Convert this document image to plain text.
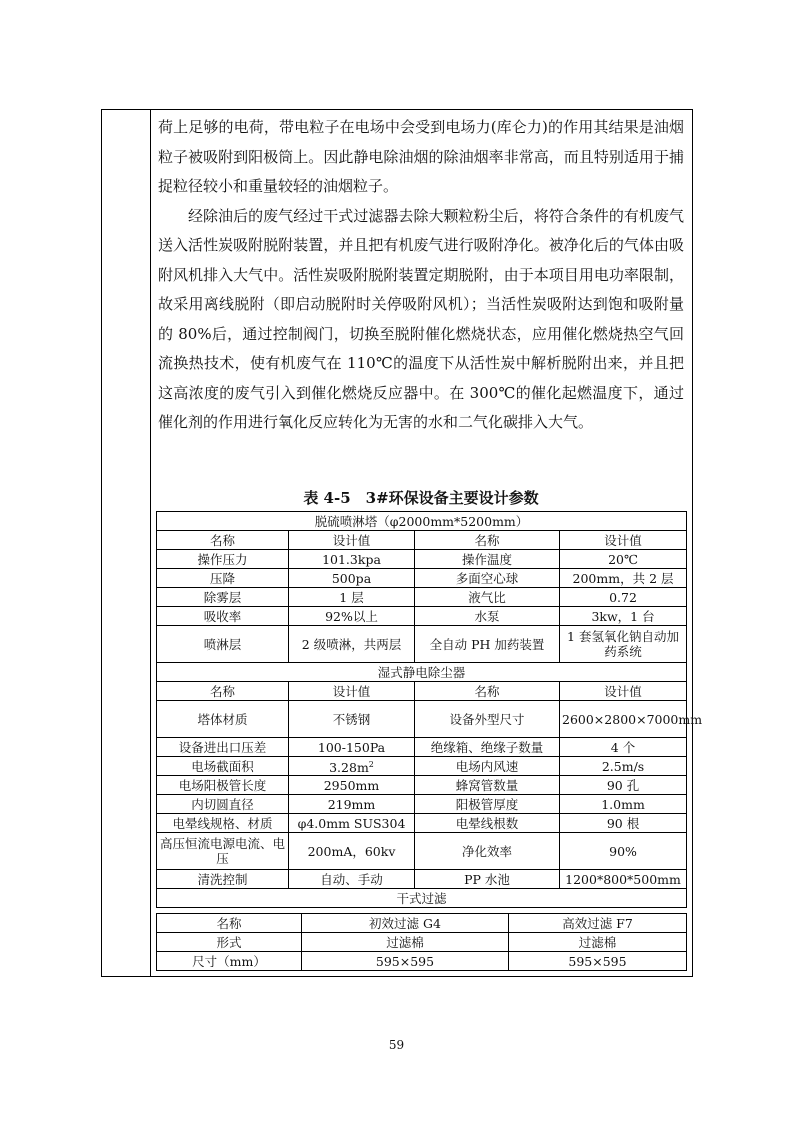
荷上足够的电荷，带电粒子在电场中会受到电场力(库仑力)的作用其结果是油烟粒子被吸附到阳极筒上。因此静电除油烟的除油烟率非常高，而且特别适用于捕捉粒径较小和重量较轻的油烟粒子。

经除油后的废气经过干式过滤器去除大颗粒粉尘后，将符合条件的有机废气送入活性炭吸附脱附装置，并且把有机废气进行吸附净化。被净化后的气体由吸附风机排入大气中。活性炭吸附脱附装置定期脱附，由于本项目用电功率限制，故采用离线脱附（即启动脱附时关停吸附风机）；当活性炭吸附达到饱和吸附量的 80%后，通过控制阀门，切换至脱附催化燃烧状态，应用催化燃烧热空气回流换热技术，使有机废气在 110℃的温度下从活性炭中解析脱附出来，并且把这高浓度的废气引入到催化燃烧反应器中。在 300℃的催化起燃温度下，通过催化剂的作用进行氧化反应转化为无害的水和二气化碳排入大气。

表 4-5　3#环保设备主要设计参数
脱硫喷淋塔（φ2000mm*5200mm）			
名称	设计值	名称	设计值
操作压力	101.3kpa	操作温度	20℃
压降	500pa	多面空心球	200mm，共 2 层
除雾层	1 层	液气比	0.72
吸收率	92%以上	水泵	3kw，1 台
喷淋层	2 级喷淋，共两层	全自动 PH 加药装置	1 套氢氧化钠自动加药系统
湿式静电除尘器			
名称	设计值	名称	设计值
塔体材质	不锈钢	设备外型尺寸	2600×2800×7000mm
设备进出口压差	100-150Pa	绝缘箱、绝缘子数量	4 个
电场截面积	$3.28m^2$	电场内风速	2.5m/s
电场阳极管长度	2950mm	蜂窝管数量	90 孔
内切圆直径	219mm	阳极管厚度	1.0mm
电晕线规格、材质	φ4.0mm SUS304	电晕线根数	90 根
高压恒流电源电流、电压	200mA，60kv	净化效率	90%
清洗控制	自动、手动	PP 水池	1200*800*500mm
干式过滤			
名称	初效过滤 G4	高效过滤 F7
形式	过滤棉	过滤棉
尺寸（mm）	595×595	595×595
59
